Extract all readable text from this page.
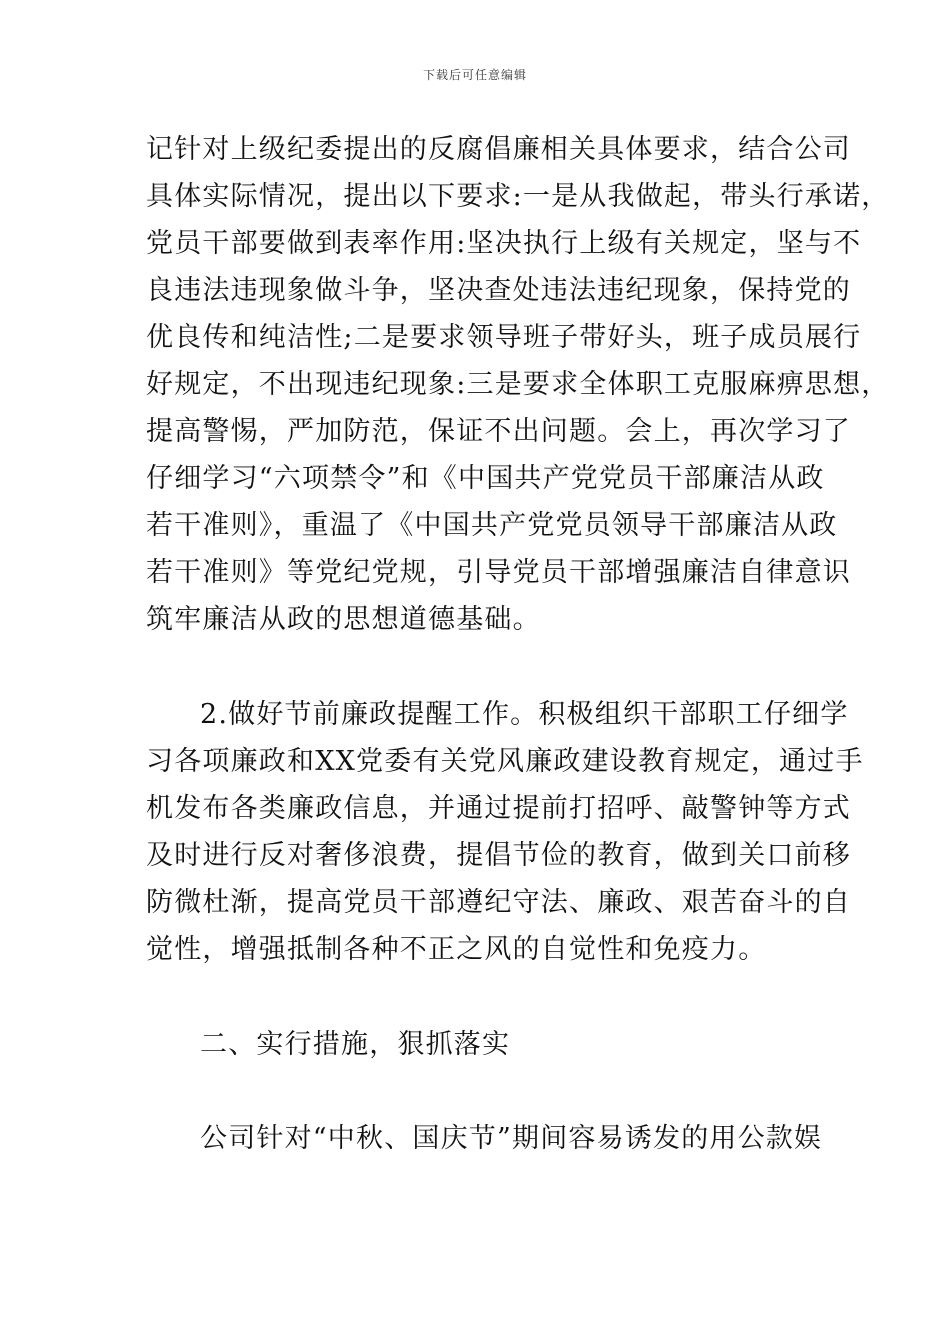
下载后可任意编辑

记针对上级纪委提出的反腐倡廉相关具体要求，结合公司
具体实际情况，提出以下要求:一是从我做起，带头行承诺，
党员干部要做到表率作用:坚决执行上级有关规定，坚与不
良违法违现象做斗争，坚决查处违法违纪现象，保持党的
优良传和纯洁性;二是要求领导班子带好头，班子成员展行
好规定，不出现违纪现象:三是要求全体职工克服麻痹思想，
提高警惕，严加防范，保证不出问题。会上，再次学习了
仔细学习“六项禁令”和《中国共产党党员干部廉洁从政
若干准则》，重温了《中国共产党党员领导干部廉洁从政
若干准则》等党纪党规，引导党员干部增强廉洁自律意识
筑牢廉洁从政的思想道德基础。

2.做好节前廉政提醒工作。积极组织干部职工仔细学
习各项廉政和XX党委有关党风廉政建设教育规定，通过手
机发布各类廉政信息，并通过提前打招呼、敲警钟等方式
及时进行反对奢侈浪费，提倡节俭的教育，做到关口前移
防微杜渐，提高党员干部遵纪守法、廉政、艰苦奋斗的自
觉性，增强抵制各种不正之风的自觉性和免疫力。

二、实行措施，狠抓落实

公司针对“中秋、国庆节”期间容易诱发的用公款娱
